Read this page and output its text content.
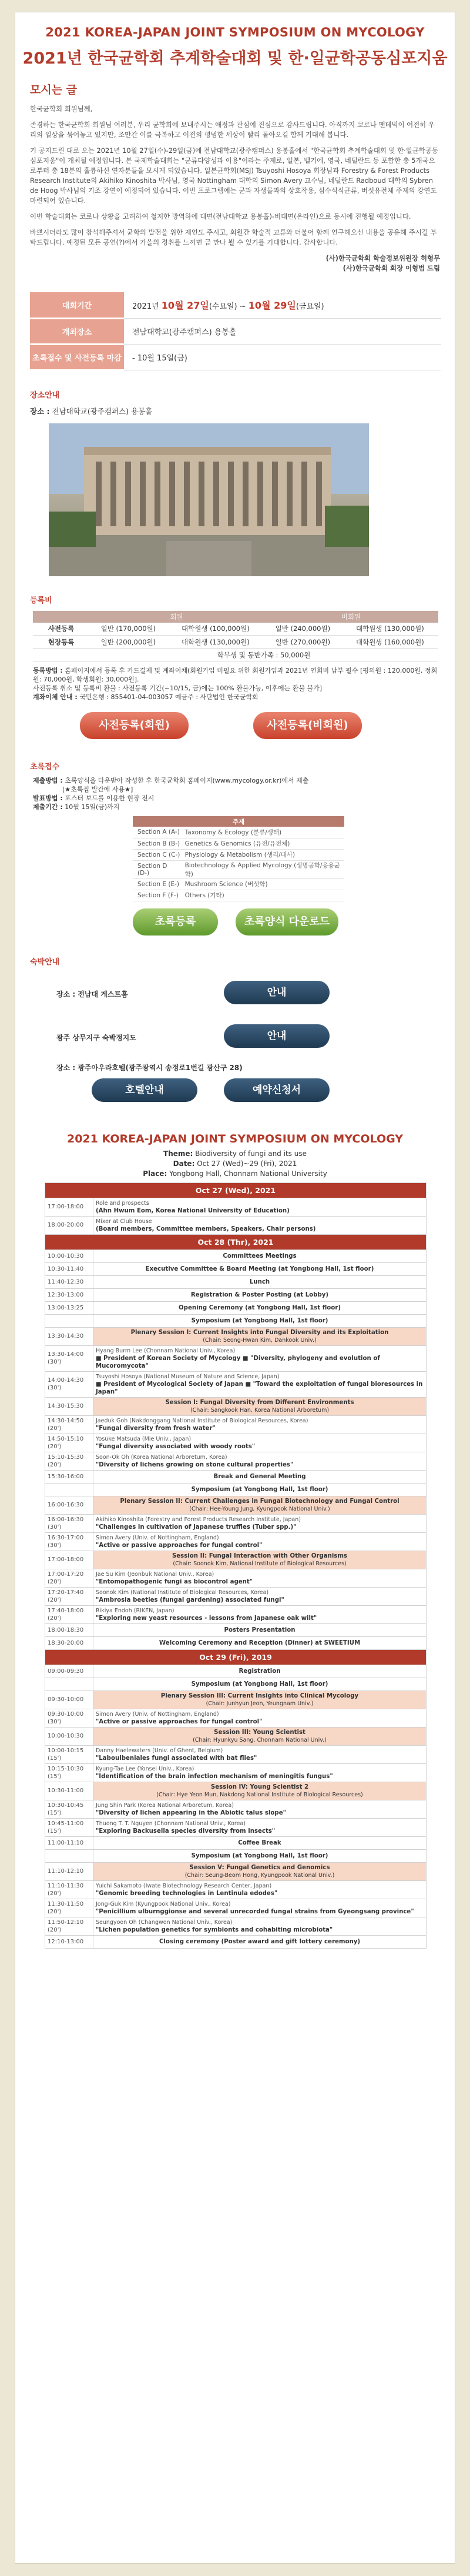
2021 KOREA-JAPAN JOINT SYMPOSIUM ON MYCOLOGY
2021년 한국균학회 추계학술대회 및 한·일균학공동심포지움
모시는 글

한국균학회 회원님께,

존경하는 한국균학회 회원님 여러분, 우리 균학회에 보내주시는 애정과 관심에 진심으로 감사드립니다. 아직까지 코로나 팬데믹이 여전히 우리의 일상을 묶어놓고 있지만, 조만간 이를 극복하고 이전의 평범한 세상이 빨리 돌아오길 함께 기대해 봅니다.

기 공지드린 대로 오는 2021년 10월 27일(수)-29일(금)에 전남대학교(광주캠퍼스) 용봉홀에서 "한국균학회 추계학술대회 및 한·일균학공동심포지움"이 개최될 예정입니다. 본 국제학술대회는 "균류다양성과 이용"이라는 주제로, 일본, 벨기에, 영국, 네덜란드 등 포함한 총 5개국으로부터 총 18분의 훌륭하신 연자분들을 모시게 되었습니다. 일본균학회(MSJ) Tsuyoshi Hosoya 회장님과 Forestry & Forest Products Research Institute의 Akihiko Kinoshita 박사님, 영국 Nottingham 대학의 Simon Avery 교수님, 네덜란드 Radboud 대학의 Sybren de Hoog 박사님의 기조 강연이 예정되어 있습니다. 이번 프로그램에는 균과 자생물과의 상호작용, 심수식식균류, 버섯유전체 주제의 강연도 마련되어 있습니다.

이번 학술대회는 코로나 상황을 고려하여 철저한 방역하에 대면(전남대학교 용봉홀)-비대면(온라인)으로 동시에 진행될 예정입니다.

바쁘시더라도 많이 참석해주셔서 균학의 발전을 위한 제언도 주시고, 회원간 학술적 교류와 더불어 함께 연구해오신 내용을 공유해 주시길 부탁드립니다. 예정된 모든 공연(?)에서 가을의 정취를 느끼면 금 만나 뵐 수 있기를 기대합니다. 감사합니다.

(사)한국균학회 학술정보위원장 허형무

(사)한국균학회 회장 이형범 드림

대회기간	2021년 10월 27일(수요일) ~ 10월 29일(금요일)
개최장소	전남대학교(광주캠퍼스) 용봉홀
초록접수 및 사전등록 마감	- 10월 15일(금)
장소안내
장소 : 전남대학교(광주캠퍼스) 용봉홀
등록비
	회원		비회원	
사전등록	일반 (170,000원)	대학원생 (100,000원)	일반 (240,000원)	대학원생 (130,000원)
현장등록	일반 (200,000원)	대학원생 (130,000원)	일반 (270,000원)	대학원생 (160,000원)
	학부생 및 동반가족 : 50,000원			
등록방법 : 홈페이지에서 등록 후 카드결제 및 계좌이체(회원가입 미필요 위한 회원가입과 2021년 연회비 납부 필수 [평의원 : 120,000원, 정회원: 70,000원, 학생회원: 30,000원].
사전등록 취소 및 등록비 환불 : 사전등록 기간(~10/15, 금)에는 100% 환불가능, 이후에는 환불 불가]
계좌이체 안내 : 국민은행 : 855401-04-003057 예금주 : 사단법인 한국균학회
사전등록(회원)	사전등록(비회원)
초록접수
제출방법 : 초록양식을 다운받아 작성한 후 한국균학회 홈페이지(www.mycology.or.kr)에서 제출
[★초록집 발간에 사용★]
발표방법 : 포스터 보드를 이용한 현장 전시
제출기간 : 10월 15일(금)까지
주제	
Section A (A-)	Taxonomy & Ecology (분류/생태)
Section B (B-)	Genetics & Genomics (유전/유전체)
Section C (C-)	Physiology & Metabolism (생리/대사)
Section D (D-)	Biotechnology & Applied Mycology (생명공학/응용균학)
Section E (E-)	Mushroom Science (버섯학)
Section F (F-)	Others (기타)
초록등록	초록양식 다운로드
숙박안내
장소 : 전남대 게스트홈	안내
광주 상무지구 숙박정지도	안내
장소 : 광주아우라호텔(광주광역시 송정로1번길 광산구 28)
호텔안내	예약신청서
2021 KOREA-JAPAN JOINT SYMPOSIUM ON MYCOLOGY
Theme: Biodiversity of fungi and its use
Date: Oct 27 (Wed)~29 (Fri), 2021
Place: Yongbong Hall, Chonnam National University
Oct 27 (Wed), 2021	
17:00-18:00	Role and prospects
(Ahn Hwum Eom, Korea National University of Education)

18:00-20:00	Mixer at Club House
(Board members, Committee members, Speakers, Chair persons)

Oct 28 (Thr), 2021	
10:00-10:30	Committees Meetings

10:30-11:40	Executive Committee & Board Meeting (at Yongbong Hall, 1st floor)

11:40-12:30	Lunch

12:30-13:00	Registration & Poster Posting (at Lobby)

13:00-13:25	Opening Ceremony (at Yongbong Hall, 1st floor)

	Symposium (at Yongbong Hall, 1st floor)

13:30-14:30	Plenary Session I: Current Insights into Fungal Diversity and its Exploitation
(Chair: Seong-Hwan Kim, Dankook Univ.)

13:30-14:00 (30')	Hyang Burm Lee (Chonnam National Univ., Korea)
■ President of Korean Society of Mycology ■ "Diversity, phylogeny and evolution of Mucoromycota"

14:00-14:30 (30')	Tsuyoshi Hosoya (National Museum of Nature and Science, Japan)
■ President of Mycological Society of Japan ■ "Toward the exploitation of fungal bioresources in Japan"

14:30-15:30	Session I: Fungal Diversity from Different Environments
(Chair: Sangkook Han, Korea National Arboretum)

14:30-14:50 (20')	Jaeduk Goh (Nakdonggang National Institute of Biological Resources, Korea)
"Fungal diversity from fresh water"

14:50-15:10 (20')	Yosuke Matsuda (Mie Univ., Japan)
"Fungal diversity associated with woody roots"

15:10-15:30 (20')	Soon-Ok Oh (Korea National Arboretum, Korea)
"Diversity of lichens growing on stone cultural properties"

15:30-16:00	Break and General Meeting

	Symposium (at Yongbong Hall, 1st floor)

16:00-16:30	Plenary Session II: Current Challenges in Fungal Biotechnology and Fungal Control
(Chair: Hee-Young Jung, Kyungpook National Univ.)

16:00-16:30 (30')	Akihiko Kinoshita (Forestry and Forest Products Research Institute, Japan)
"Challenges in cultivation of Japanese truffles (Tuber spp.)"

16:30-17:00 (30')	Simon Avery (Univ. of Nottingham, England)
"Active or passive approaches for fungal control"

17:00-18:00	Session II: Fungal Interaction with Other Organisms
(Chair: Soonok Kim, National Institute of Biological Resources)

17:00-17:20 (20')	Jae Su Kim (Jeonbuk National Univ., Korea)
"Entomopathogenic fungi as biocontrol agent"

17:20-17:40 (20')	Soonok Kim (National Institute of Biological Resources, Korea)
"Ambrosia beetles (fungal gardening) associated fungi"

17:40-18:00 (20')	Rikiya Endoh (RIKEN, Japan)
"Exploring new yeast resources - lessons from Japanese oak wilt"

18:00-18:30	Posters Presentation

18:30-20:00	Welcoming Ceremony and Reception (Dinner) at SWEETIUM

Oct 29 (Fri), 2019	
09:00-09:30	Registration

	Symposium (at Yongbong Hall, 1st floor)

09:30-10:00	Plenary Session III: Current Insights into Clinical Mycology
(Chair: Junhyun Jeon, Yeungnam Univ.)

09:30-10:00 (30')	Simon Avery (Univ. of Nottingham, England)
"Active or passive approaches for fungal control"

10:00-10:30	Session III: Young Scientist
(Chair: Hyunkyu Sang, Chonnam National Univ.)

10:00-10:15 (15')	Danny Haelewaters (Univ. of Ghent, Belgium)
"Laboulbeniales fungi associated with bat flies"

10:15-10:30 (15')	Kyung-Tae Lee (Yonsei Univ., Korea)
"Identification of the brain infection mechanism of meningitis fungus"

10:30-11:00	Session IV: Young Scientist 2
(Chair: Hye Yeon Mun, Nakdong National Institute of Biological Resources)

10:30-10:45 (15')	Jung Shin Park (Korea National Arboretum, Korea)
"Diversity of lichen appearing in the Abiotic talus slope"

10:45-11:00 (15')	Thuong T. T. Nguyen (Chonnam National Univ., Korea)
"Exploring Backusella species diversity from insects"

11:00-11:10	Coffee Break

	Symposium (at Yongbong Hall, 1st floor)

11:10-12:10	Session V: Fungal Genetics and Genomics
(Chair: Seung-Beom Hong, Kyungpook National Univ.)

11:10-11:30 (20')	Yuichi Sakamoto (Iwate Biotechnology Research Center, Japan)
"Genomic breeding technologies in Lentinula edodes"

11:30-11:50 (20')	Jong-Guk Kim (Kyungpook National Univ., Korea)
"Penicillium ulburnggionse and several unrecorded fungal strains from Gyeongsang province"

11:50-12:10 (20')	Seungyoon Oh (Changwon National Univ., Korea)
"Lichen population genetics for symbionts and cohabiting microbiota"

12:10-13:00	Closing ceremony (Poster award and gift lottery ceremony)
